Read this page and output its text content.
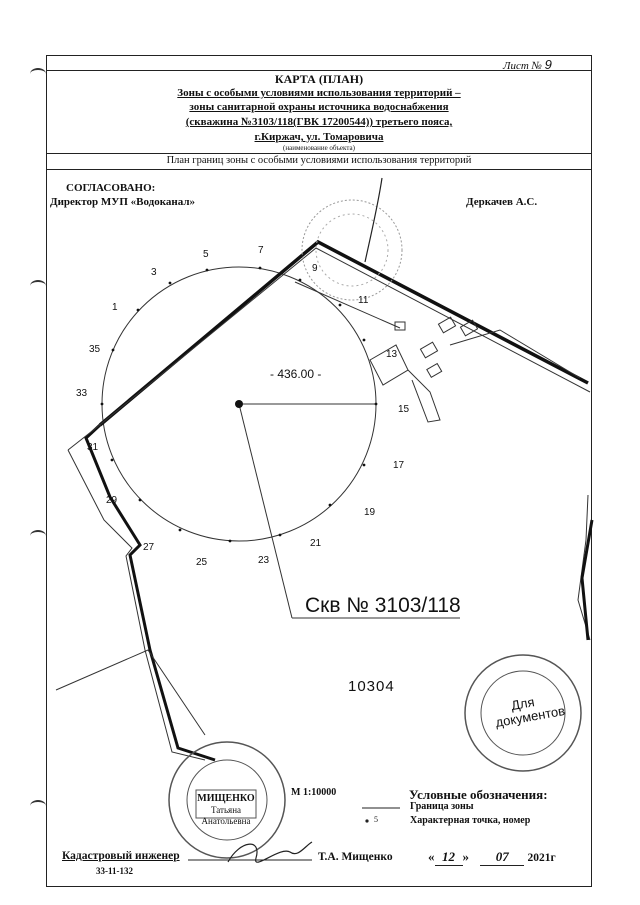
Лист № 9
КАРТА (ПЛАН)
Зоны с особыми условиями использования территорий –
зоны санитарной охраны источника водоснабжения
(скважина №3103/118(ГВК 17200544)) третьего пояса,
г.Киржач, ул. Томаровича
(наименование объекта)
План границ зоны с особыми условиями использования территорий
СОГЛАСОВАНО:
Директор МУП «Водоканал»	Деркачев А.С.
1
3
5	7
9
11
13
15
17
19
21
23
25
27
29
31
33
35
- 436.00 -
Скв № 3103/118
10304
Для документов
МИЩЕНКО
Татьяна
Анатольевна
М 1:10000	Условные обозначения:
Граница зоны
5	Характерная точка, номер
Кадастровый инженер
33-11-132
Т.А. Мищенко	« 12 » 07 2021г
